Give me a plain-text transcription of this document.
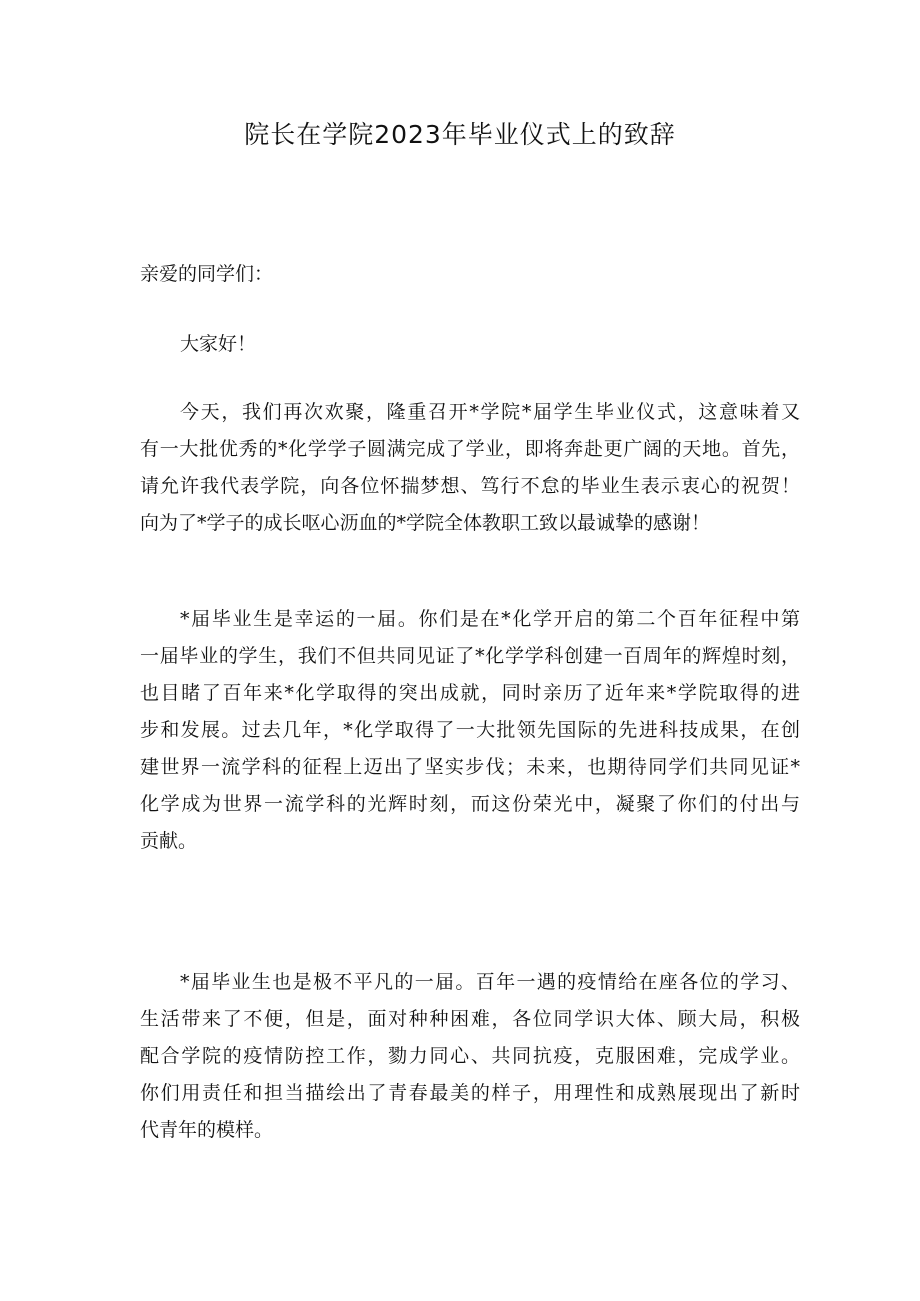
院长在学院2023年毕业仪式上的致辞
亲爱的同学们：
大家好！
今天，我们再次欢聚，隆重召开*学院*届学生毕业仪式，这意味着又
有一大批优秀的*化学学子圆满完成了学业，即将奔赴更广阔的天地。首先，
请允许我代表学院，向各位怀揣梦想、笃行不怠的毕业生表示衷心的祝贺！
向为了*学子的成长呕心沥血的*学院全体教职工致以最诚挚的感谢！
*届毕业生是幸运的一届。你们是在*化学开启的第二个百年征程中第
一届毕业的学生，我们不但共同见证了*化学学科创建一百周年的辉煌时刻，
也目睹了百年来*化学取得的突出成就，同时亲历了近年来*学院取得的进
步和发展。过去几年，*化学取得了一大批领先国际的先进科技成果，在创
建世界一流学科的征程上迈出了坚实步伐；未来，也期待同学们共同见证*
化学成为世界一流学科的光辉时刻，而这份荣光中，凝聚了你们的付出与
贡献。
*届毕业生也是极不平凡的一届。百年一遇的疫情给在座各位的学习、
生活带来了不便，但是，面对种种困难，各位同学识大体、顾大局，积极
配合学院的疫情防控工作，勠力同心、共同抗疫，克服困难，完成学业。
你们用责任和担当描绘出了青春最美的样子，用理性和成熟展现出了新时
代青年的模样。
